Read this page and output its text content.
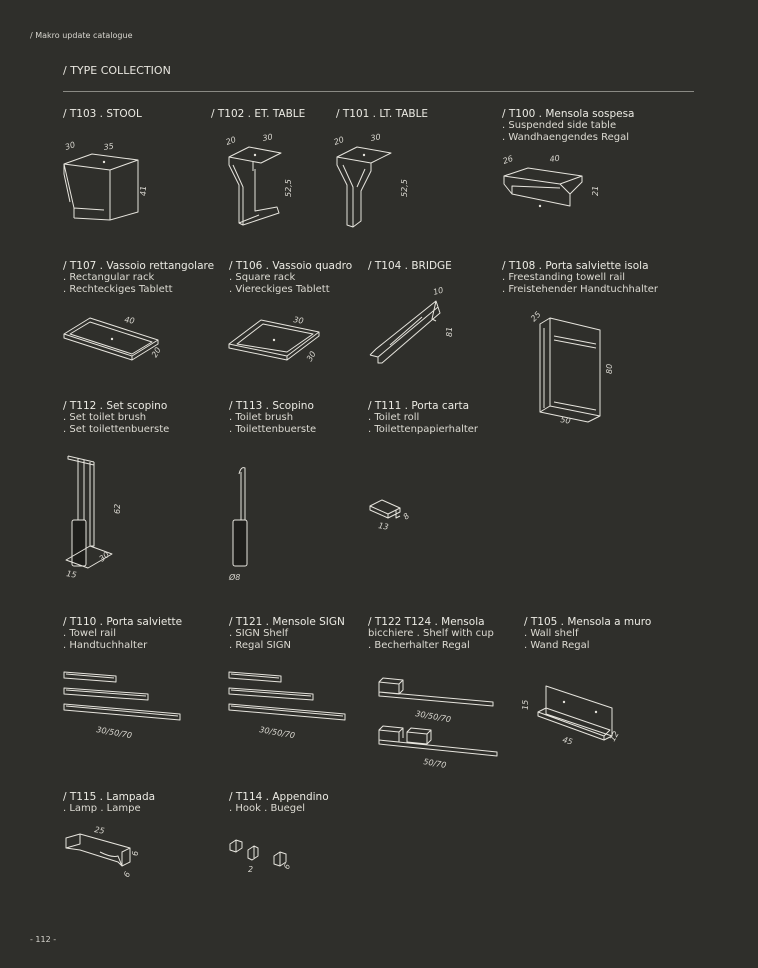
/ Makro update catalogue
/ TYPE COLLECTION
/ T103 . STOOL
30	35
41
/ T102 . ET. TABLE
20	30
52,5
/ T101 . LT. TABLE
20	30
52,5
/ T100 . Mensola sospesa
. Suspended side table
. Wandhaengendes Regal
26	40
21
/ T107 . Vassoio rettangolare
. Rectangular rack
. Rechteckiges Tablett
40
20
/ T106 . Vassoio quadro
. Square rack
. Viereckiges Tablett
30
30
/ T104 . BRIDGE
10
81
/ T108 . Porta salviette isola
. Freestanding towell rail
. Freistehender Handtuchhalter
25
80
50
/ T112 . Set scopino
. Set toilet brush
. Set toilettenbuerste
62
30
15
/ T113 . Scopino
. Toilet brush
. Toilettenbuerste
Ø8
/ T111 . Porta carta
. Toilet roll
. Toilettenpapierhalter
13
8
/ T110 . Porta salviette
. Towel rail
. Handtuchhalter
30/50/70
/ T121 . Mensole SIGN
. SIGN Shelf
. Regal SIGN
30/50/70
/ T122 T124 . Mensola
bicchiere . Shelf with cup
. Becherhalter Regal
30/50/70
50/70
/ T105 . Mensola a muro
. Wall shelf
. Wand Regal
15
45	12
/ T115 . Lampada
. Lamp . Lampe
25
6
6
/ T114 . Appendino
. Hook . Buegel
2	6
- 112 -
